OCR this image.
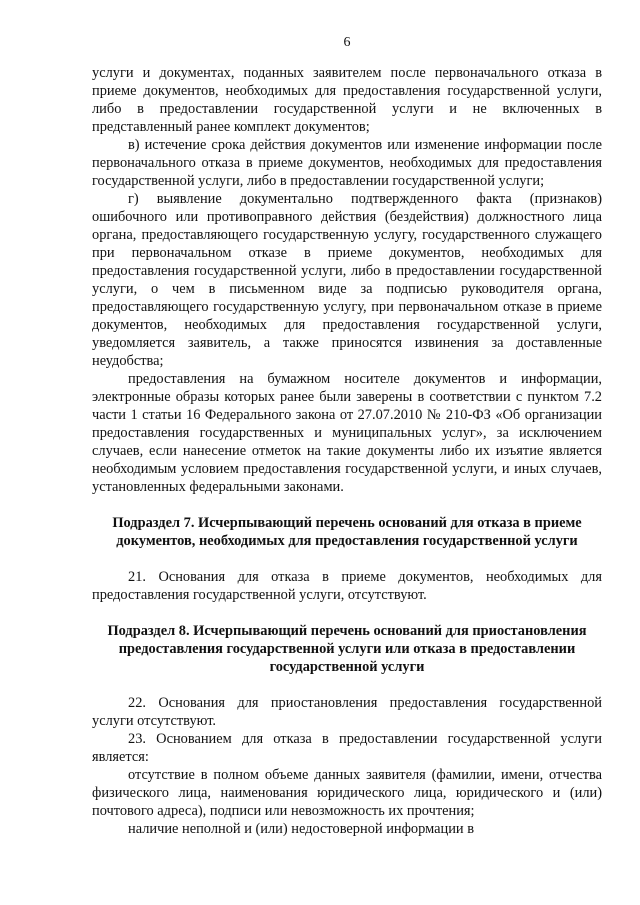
6

услуги и документах, поданных заявителем после первоначального отказа в приеме документов, необходимых для предоставления государственной услуги, либо в предоставлении государственной услуги и не включенных в представленный ранее комплект документов;

в) истечение срока действия документов или изменение информации после первоначального отказа в приеме документов, необходимых для предоставления государственной услуги, либо в предоставлении государственной услуги;

г) выявление документально подтвержденного факта (признаков) ошибочного или противоправного действия (бездействия) должностного лица органа, предоставляющего государственную услугу, государственного служащего при первоначальном отказе в приеме документов, необходимых для предоставления государственной услуги, либо в предоставлении государственной услуги, о чем в письменном виде за подписью руководителя органа, предоставляющего государственную услугу, при первоначальном отказе в приеме документов, необходимых для предоставления государственной услуги, уведомляется заявитель, а также приносятся извинения за доставленные неудобства;

предоставления на бумажном носителе документов и информации, электронные образы которых ранее были заверены в соответствии с пунктом 7.2 части 1 статьи 16 Федерального закона от 27.07.2010 № 210-ФЗ «Об организации предоставления государственных и муниципальных услуг», за исключением случаев, если нанесение отметок на такие документы либо их изъятие является необходимым условием предоставления государственной услуги, и иных случаев, установленных федеральными законами.

Подраздел 7. Исчерпывающий перечень оснований для отказа в приеме документов, необходимых для предоставления государственной услуги

21. Основания для отказа в приеме документов, необходимых для предоставления государственной услуги, отсутствуют.

Подраздел 8. Исчерпывающий перечень оснований для приостановления предоставления государственной услуги или отказа в предоставлении государственной услуги

22. Основания для приостановления предоставления государственной услуги отсутствуют.

23. Основанием для отказа в предоставлении государственной услуги является:

отсутствие в полном объеме данных заявителя (фамилии, имени, отчества физического лица, наименования юридического лица, юридического и (или) почтового адреса), подписи или невозможность их прочтения;

наличие неполной и (или) недостоверной информации в
